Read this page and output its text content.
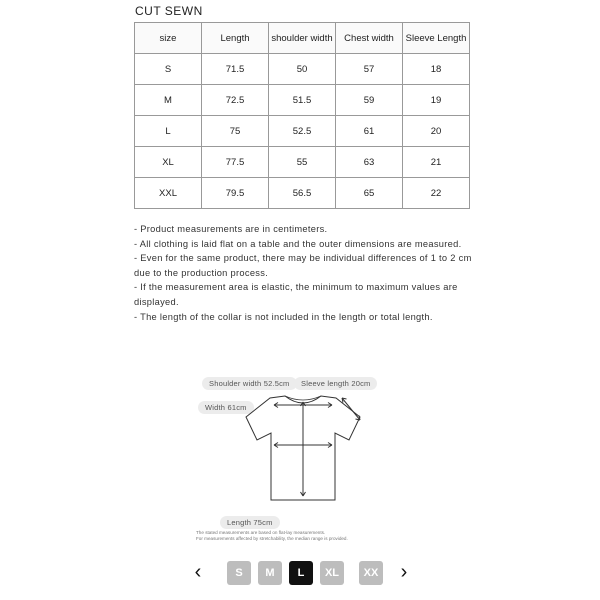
CUT SEWN
size	Length	shoulder width	Chest width	Sleeve Length
S	71.5	50	57	18
M	72.5	51.5	59	19
L	75	52.5	61	20
XL	77.5	55	63	21
XXL	79.5	56.5	65	22

- Product measurements are in centimeters.

- All clothing is laid flat on a table and the outer dimensions are measured.

- Even for the same product, there may be individual differences of 1 to 2 cm due to the production process.

- If the measurement area is elastic, the minimum to maximum values are displayed.

- The length of the collar is not included in the length or total length.

Shoulder width 52.5cm	Sleeve length 20cm
Width 61cm
Length 75cm
The stated measurements are based on flat-lay measurements.
For measurements affected by stretchability, the median range is provided.
‹	S	M	L	XL	XX ›
